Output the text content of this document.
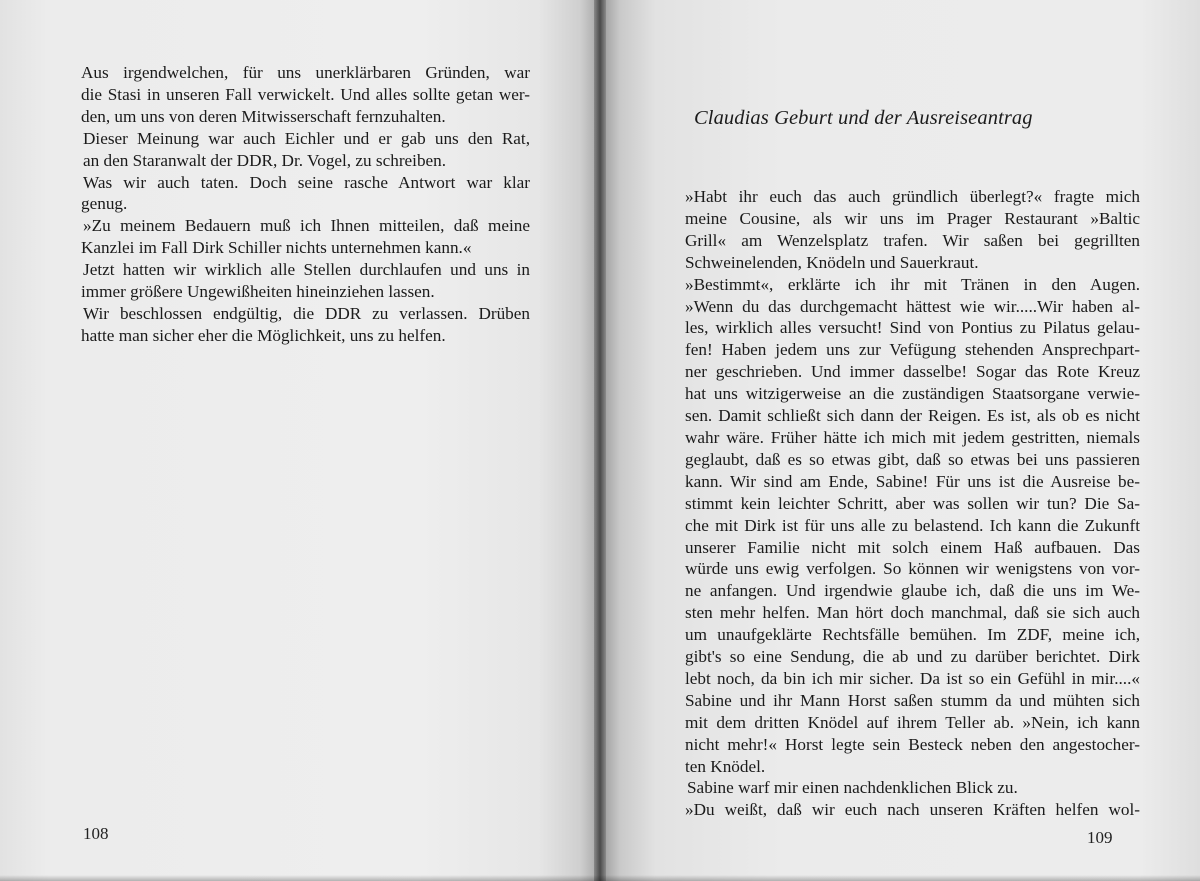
Aus irgendwelchen, für uns unerklärbaren Gründen, war
die Stasi in unseren Fall verwickelt. Und alles sollte getan wer-
den, um uns von deren Mitwisserschaft fernzuhalten.
Dieser Meinung war auch Eichler und er gab uns den Rat,
an den Staranwalt der DDR, Dr. Vogel, zu schreiben.
Was wir auch taten. Doch seine rasche Antwort war klar
genug.
»Zu meinem Bedauern muß ich Ihnen mitteilen, daß meine
Kanzlei im Fall Dirk Schiller nichts unternehmen kann.«
Jetzt hatten wir wirklich alle Stellen durchlaufen und uns in
immer größere Ungewißheiten hineinziehen lassen.
Wir beschlossen endgültig, die DDR zu verlassen. Drüben
hatte man sicher eher die Möglichkeit, uns zu helfen.
108
Claudias Geburt und der Ausreiseantrag
»Habt ihr euch das auch gründlich überlegt?« fragte mich
meine Cousine, als wir uns im Prager Restaurant »Baltic
Grill« am Wenzelsplatz trafen. Wir saßen bei gegrillten
Schweinelenden, Knödeln und Sauerkraut.
»Bestimmt«, erklärte ich ihr mit Tränen in den Augen.
»Wenn du das durchgemacht hättest wie wir.....Wir haben al-
les, wirklich alles versucht! Sind von Pontius zu Pilatus gelau-
fen! Haben jedem uns zur Vefügung stehenden Ansprechpart-
ner geschrieben. Und immer dasselbe! Sogar das Rote Kreuz
hat uns witzigerweise an die zuständigen Staatsorgane verwie-
sen. Damit schließt sich dann der Reigen. Es ist, als ob es nicht
wahr wäre. Früher hätte ich mich mit jedem gestritten, niemals
geglaubt, daß es so etwas gibt, daß so etwas bei uns passieren
kann. Wir sind am Ende, Sabine! Für uns ist die Ausreise be-
stimmt kein leichter Schritt, aber was sollen wir tun? Die Sa-
che mit Dirk ist für uns alle zu belastend. Ich kann die Zukunft
unserer Familie nicht mit solch einem Haß aufbauen. Das
würde uns ewig verfolgen. So können wir wenigstens von vor-
ne anfangen. Und irgendwie glaube ich, daß die uns im We-
sten mehr helfen. Man hört doch manchmal, daß sie sich auch
um unaufgeklärte Rechtsfälle bemühen. Im ZDF, meine ich,
gibt's so eine Sendung, die ab und zu darüber berichtet. Dirk
lebt noch, da bin ich mir sicher. Da ist so ein Gefühl in mir....«
Sabine und ihr Mann Horst saßen stumm da und mühten sich
mit dem dritten Knödel auf ihrem Teller ab. »Nein, ich kann
nicht mehr!« Horst legte sein Besteck neben den angestocher-
ten Knödel.
Sabine warf mir einen nachdenklichen Blick zu.
»Du weißt, daß wir euch nach unseren Kräften helfen wol-
109
